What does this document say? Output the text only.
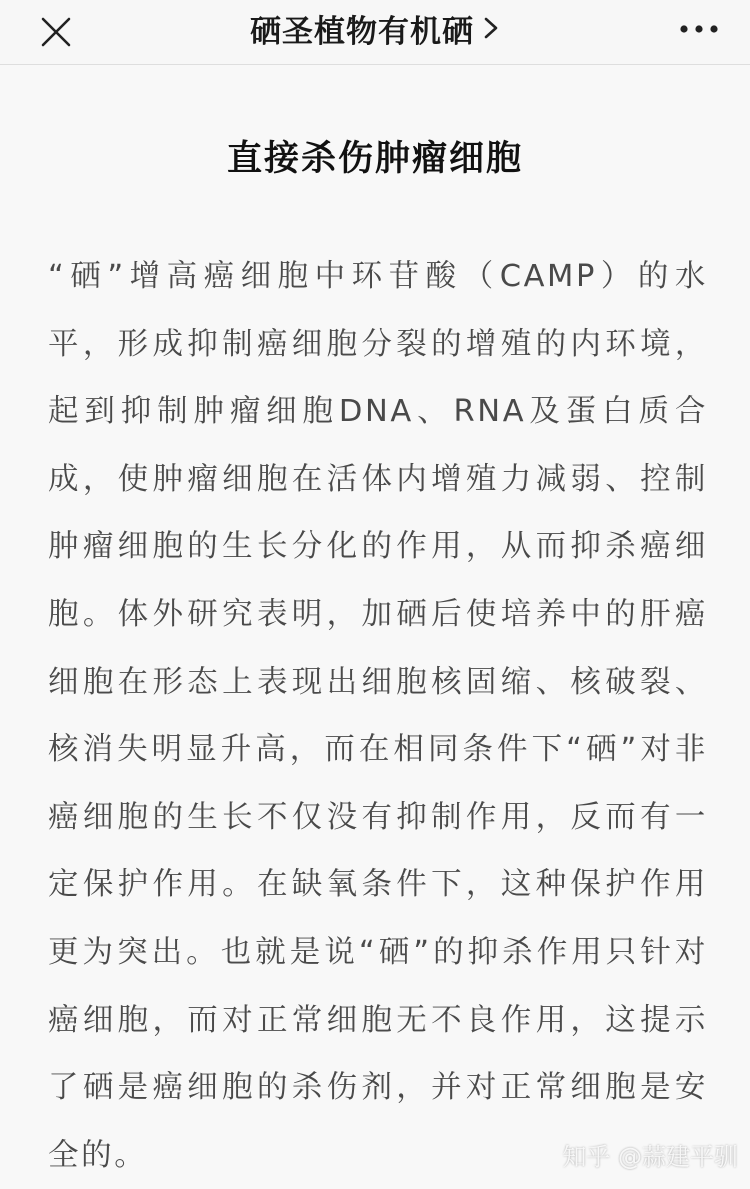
硒圣植物有机硒
直接杀伤肿瘤细胞

“硒”增高癌细胞中环苷酸（CAMP）的水平，形成抑制癌细胞分裂的增殖的内环境，起到抑制肿瘤细胞DNA、RNA及蛋白质合成，使肿瘤细胞在活体内增殖力减弱、控制肿瘤细胞的生长分化的作用，从而抑杀癌细胞。体外研究表明，加硒后使培养中的肝癌细胞在形态上表现出细胞核固缩、核破裂、核消失明显升高，而在相同条件下“硒”对非癌细胞的生长不仅没有抑制作用，反而有一定保护作用。在缺氧条件下，这种保护作用更为突出。也就是说“硒”的抑杀作用只针对癌细胞，而对正常细胞无不良作用，这提示了硒是癌细胞的杀伤剂，并对正常细胞是安全的。	知乎 @蒜建平驯
